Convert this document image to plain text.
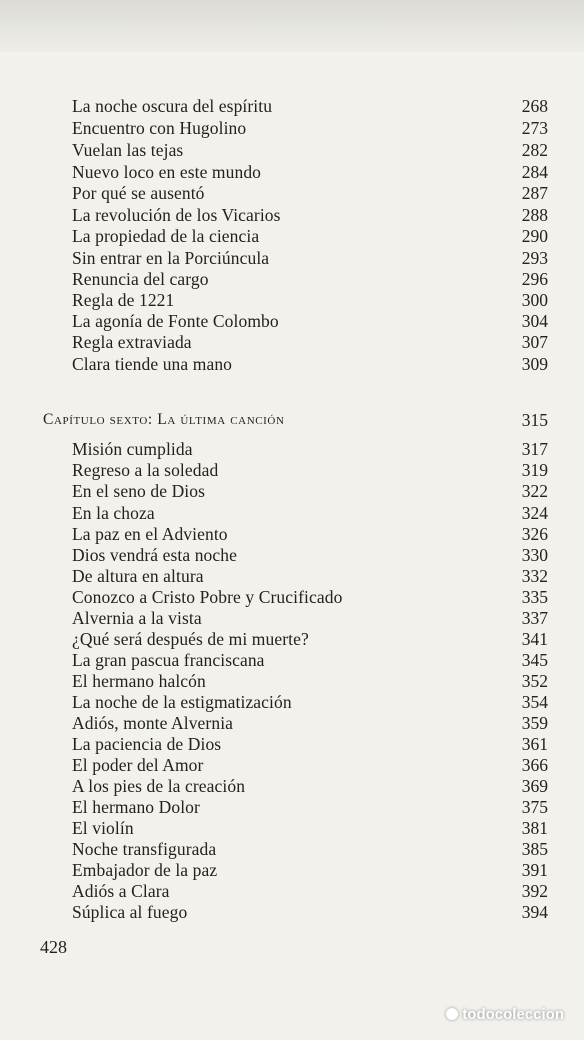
La noche oscura del espíritu	268
Encuentro con Hugolino	273
Vuelan las tejas	282
Nuevo loco en este mundo	284
Por qué se ausentó	287
La revolución de los Vicarios	288
La propiedad de la ciencia	290
Sin entrar en la Porciúncula	293
Renuncia del cargo	296
Regla de 1221	300
La agonía de Fonte Colombo	304
Regla extraviada	307
Clara tiende una mano	309
Capítulo sexto: La última canción	315
Misión cumplida	317
Regreso a la soledad	319
En el seno de Dios	322
En la choza	324
La paz en el Adviento	326
Dios vendrá esta noche	330
De altura en altura	332
Conozco a Cristo Pobre y Crucificado	335
Alvernia a la vista	337
¿Qué será después de mi muerte?	341
La gran pascua franciscana	345
El hermano halcón	352
La noche de la estigmatización	354
Adiós, monte Alvernia	359
La paciencia de Dios	361
El poder del Amor	366
A los pies de la creación	369
El hermano Dolor	375
El violín	381
Noche transfigurada	385
Embajador de la paz	391
Adiós a Clara	392
Súplica al fuego	394
428
todocoleccion
